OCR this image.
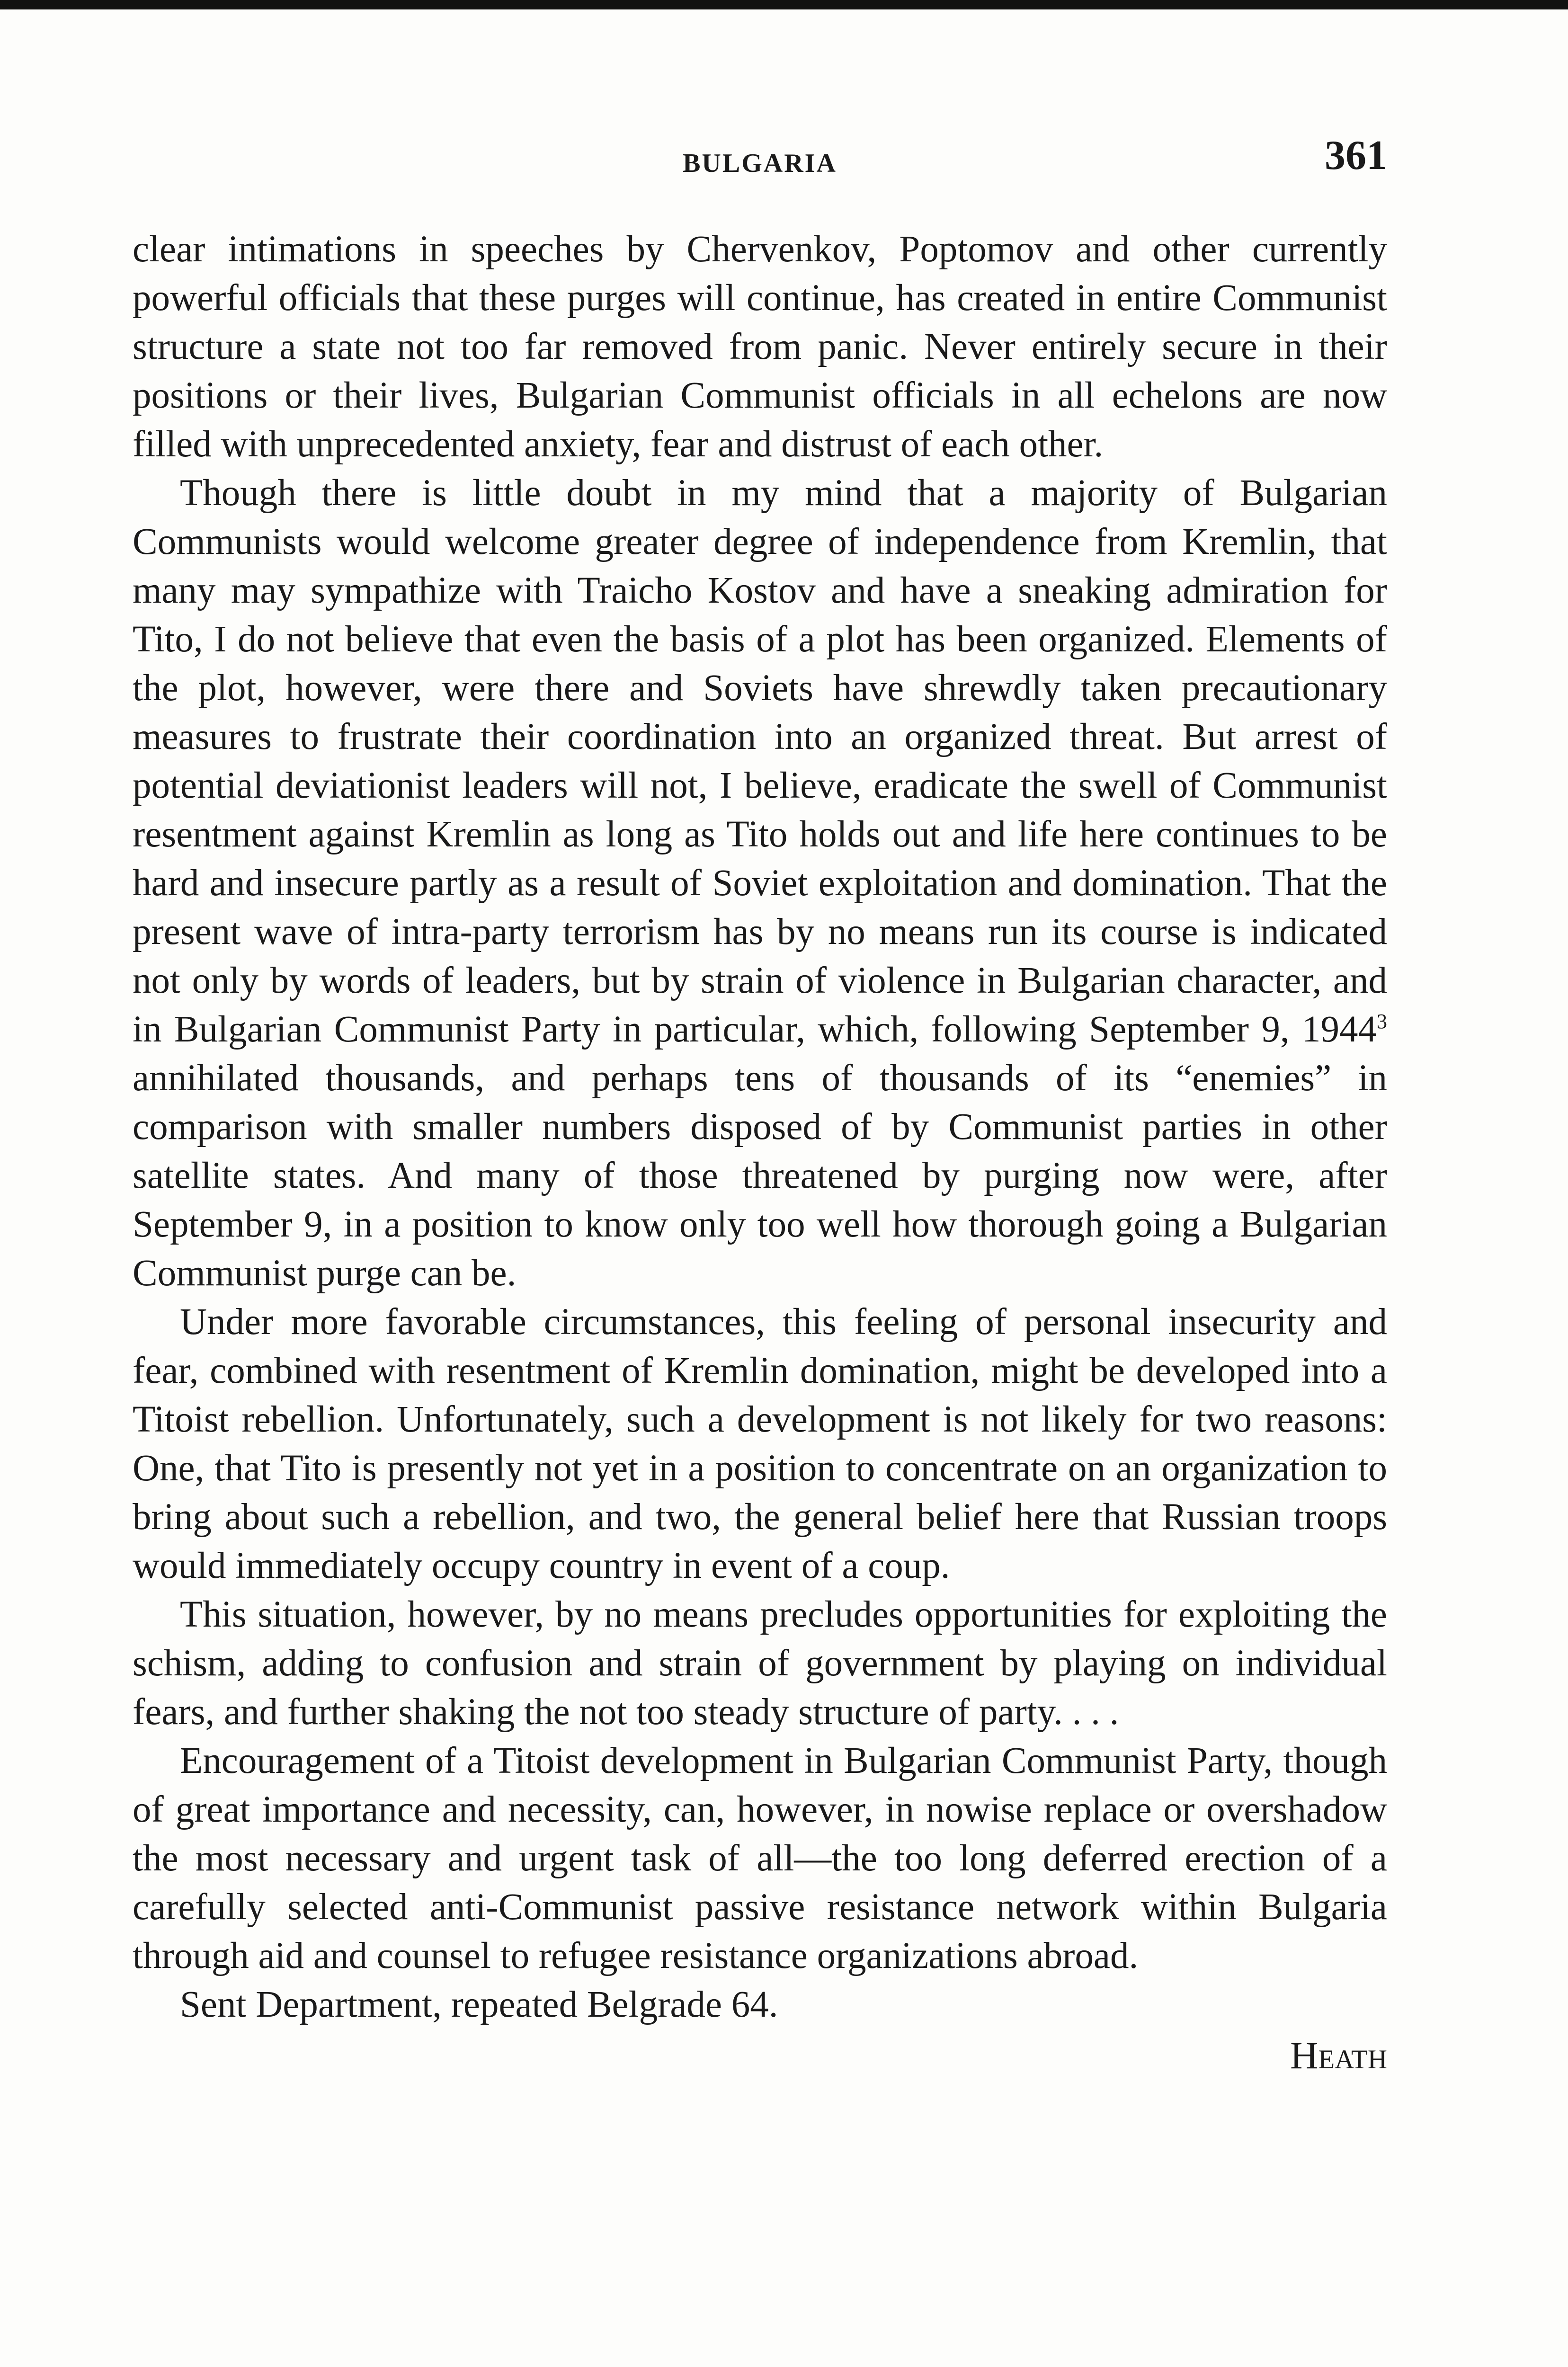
BULGARIA	361

clear intimations in speeches by Chervenkov, Poptomov and other currently powerful officials that these purges will continue, has created in entire Communist structure a state not too far removed from panic. Never entirely secure in their positions or their lives, Bulgarian Communist officials in all echelons are now filled with unprecedented anxiety, fear and distrust of each other.

Though there is little doubt in my mind that a majority of Bulgarian Communists would welcome greater degree of independence from Kremlin, that many may sympathize with Traicho Kostov and have a sneaking admiration for Tito, I do not believe that even the basis of a plot has been organized. Elements of the plot, however, were there and Soviets have shrewdly taken precautionary measures to frustrate their coordination into an organized threat. But arrest of potential deviationist leaders will not, I believe, eradicate the swell of Communist resentment against Kremlin as long as Tito holds out and life here continues to be hard and insecure partly as a result of Soviet exploitation and domination. That the present wave of intra-party terrorism has by no means run its course is indicated not only by words of leaders, but by strain of violence in Bulgarian character, and in Bulgarian Communist Party in particular, which, following September 9, 1944$^3$ annihilated thousands, and perhaps tens of thousands of its “enemies” in comparison with smaller numbers disposed of by Communist parties in other satellite states. And many of those threatened by purging now were, after September 9, in a position to know only too well how thorough going a Bulgarian Communist purge can be.

Under more favorable circumstances, this feeling of personal insecurity and fear, combined with resentment of Kremlin domination, might be developed into a Titoist rebellion. Unfortunately, such a development is not likely for two reasons: One, that Tito is presently not yet in a position to concentrate on an organization to bring about such a rebellion, and two, the general belief here that Russian troops would immediately occupy country in event of a coup.

This situation, however, by no means precludes opportunities for exploiting the schism, adding to confusion and strain of government by playing on individual fears, and further shaking the not too steady structure of party. . . .

Encouragement of a Titoist development in Bulgarian Communist Party, though of great importance and necessity, can, however, in nowise replace or overshadow the most necessary and urgent task of all—the too long deferred erection of a carefully selected anti-Communist passive resistance network within Bulgaria through aid and counsel to refugee resistance organizations abroad.

Sent Department, repeated Belgrade 64.

Heath
